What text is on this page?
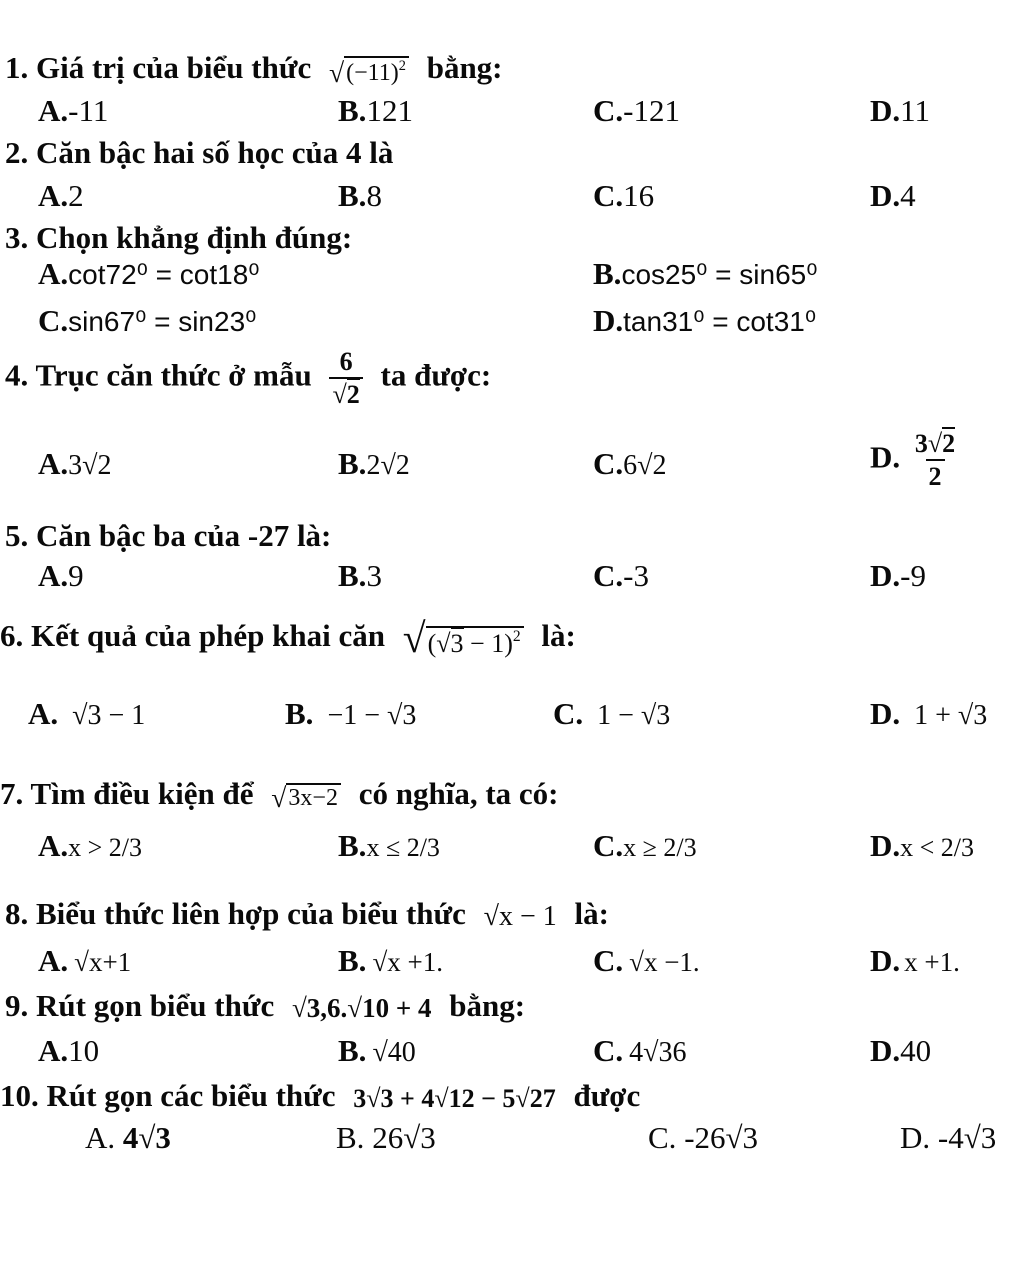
1. Giá trị của biểu thức √ $(-11)^2$ bằng:
A.-11	B.121	C.-121	D.11
2. Căn bậc hai số học của 4 là
A.2	B.8	C.16	D.4
3. Chọn khẳng định đúng:
A.cot72⁰ = cot18⁰	B.cos25⁰ = sin65⁰
C.sin67⁰ = sin23⁰	D.tan31⁰ = cot31⁰
4. Trục căn thức ở mẫu $\frac{6}{√2}$ ta được:
A.3√2	B.2√2	C.6√2	D. $\frac{3√2}{2}$
5. Căn bậc ba của -27 là:
A.9	B.3	C.-3	D.-9
6. Kết quả của phép khai căn √ $(√3 - 1)^2$ là:
A. √3 − 1	B. −1 − √3	C. 1 − √3	D. 1 + √3
7. Tìm điều kiện để √ 3x−2 có nghĩa, ta có:
A.x > 2/3	B.x ≤ 2/3	C.x ≥ 2/3	D.x < 2/3
8. Biểu thức liên hợp của biểu thức √x − 1 là:
A. √x+1	B. √x +1.	C. √x −1.	D. x +1.
9. Rút gọn biểu thức √3,6.√10 + 4 bằng:
A.10	B. √40	C. 4√36	D.40
10. Rút gọn các biểu thức 3√3 + 4√12 − 5√27 được
A. 4√3	B. 26√3	C. -26√3	D. -4√3
